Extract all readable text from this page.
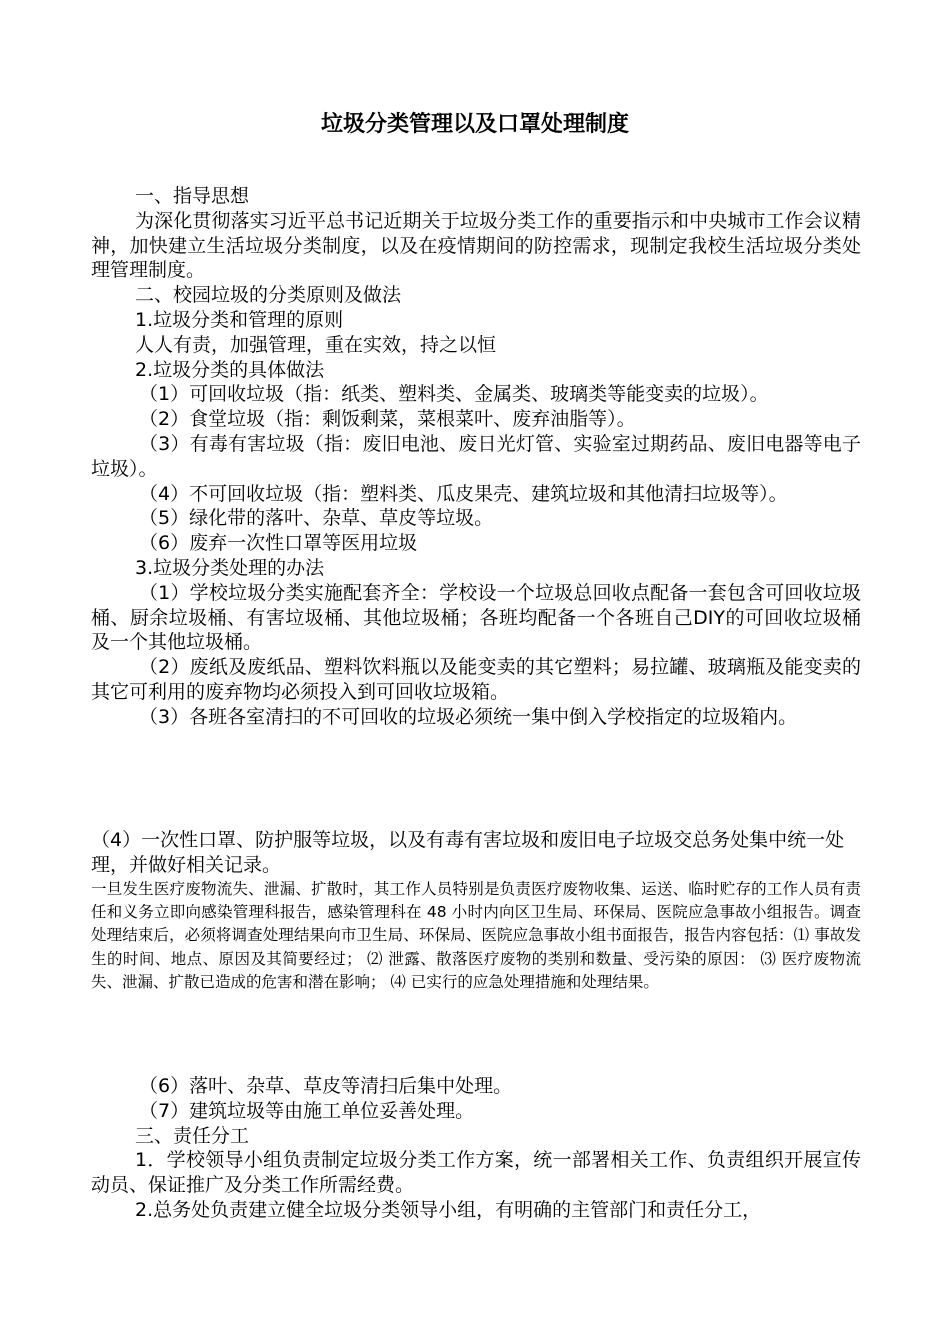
垃圾分类管理以及口罩处理制度

一、指导思想

为深化贯彻落实习近平总书记近期关于垃圾分类工作的重要指示和中央城市工作会议精神，加快建立生活垃圾分类制度，以及在疫情期间的防控需求，现制定我校生活垃圾分类处理管理制度。

二、校园垃圾的分类原则及做法

1.垃圾分类和管理的原则

人人有责，加强管理，重在实效，持之以恒

2.垃圾分类的具体做法

（1）可回收垃圾（指：纸类、塑料类、金属类、玻璃类等能变卖的垃圾）。

（2）食堂垃圾（指：剩饭剩菜，菜根菜叶、废弃油脂等）。

（3）有毒有害垃圾（指：废旧电池、废日光灯管、实验室过期药品、废旧电器等电子垃圾）。

（4）不可回收垃圾（指：塑料类、瓜皮果壳、建筑垃圾和其他清扫垃圾等）。

（5）绿化带的落叶、杂草、草皮等垃圾。

（6）废弃一次性口罩等医用垃圾

3.垃圾分类处理的办法

（1）学校垃圾分类实施配套齐全：学校设一个垃圾总回收点配备一套包含可回收垃圾桶、厨余垃圾桶、有害垃圾桶、其他垃圾桶；各班均配备一个各班自己DIY的可回收垃圾桶及一个其他垃圾桶。

（2）废纸及废纸品、塑料饮料瓶以及能变卖的其它塑料；易拉罐、玻璃瓶及能变卖的其它可利用的废弃物均必须投入到可回收垃圾箱。

（3）各班各室清扫的不可回收的垃圾必须统一集中倒入学校指定的垃圾箱内。

（4）一次性口罩、防护服等垃圾，以及有毒有害垃圾和废旧电子垃圾交总务处集中统一处理，并做好相关记录。

一旦发生医疗废物流失、泄漏、扩散时，其工作人员特别是负责医疗废物收集、运送、临时贮存的工作人员有责任和义务立即向感染管理科报告，感染管理科在 48 小时内向区卫生局、环保局、医院应急事故小组报告。调查处理结束后，必须将调查处理结果向市卫生局、环保局、医院应急事故小组书面报告，报告内容包括：⑴ 事故发生的时间、地点、原因及其简要经过； ⑵ 泄露、散落医疗废物的类别和数量、受污染的原因： ⑶ 医疗废物流失、泄漏、扩散已造成的危害和潜在影响； ⑷ 已实行的应急处理措施和处理结果。

（6）落叶、杂草、草皮等清扫后集中处理。

（7）建筑垃圾等由施工单位妥善处理。

三、责任分工

1．学校领导小组负责制定垃圾分类工作方案，统一部署相关工作、负责组织开展宣传动员、保证推广及分类工作所需经费。

2.总务处负责建立健全垃圾分类领导小组，有明确的主管部门和责任分工，
